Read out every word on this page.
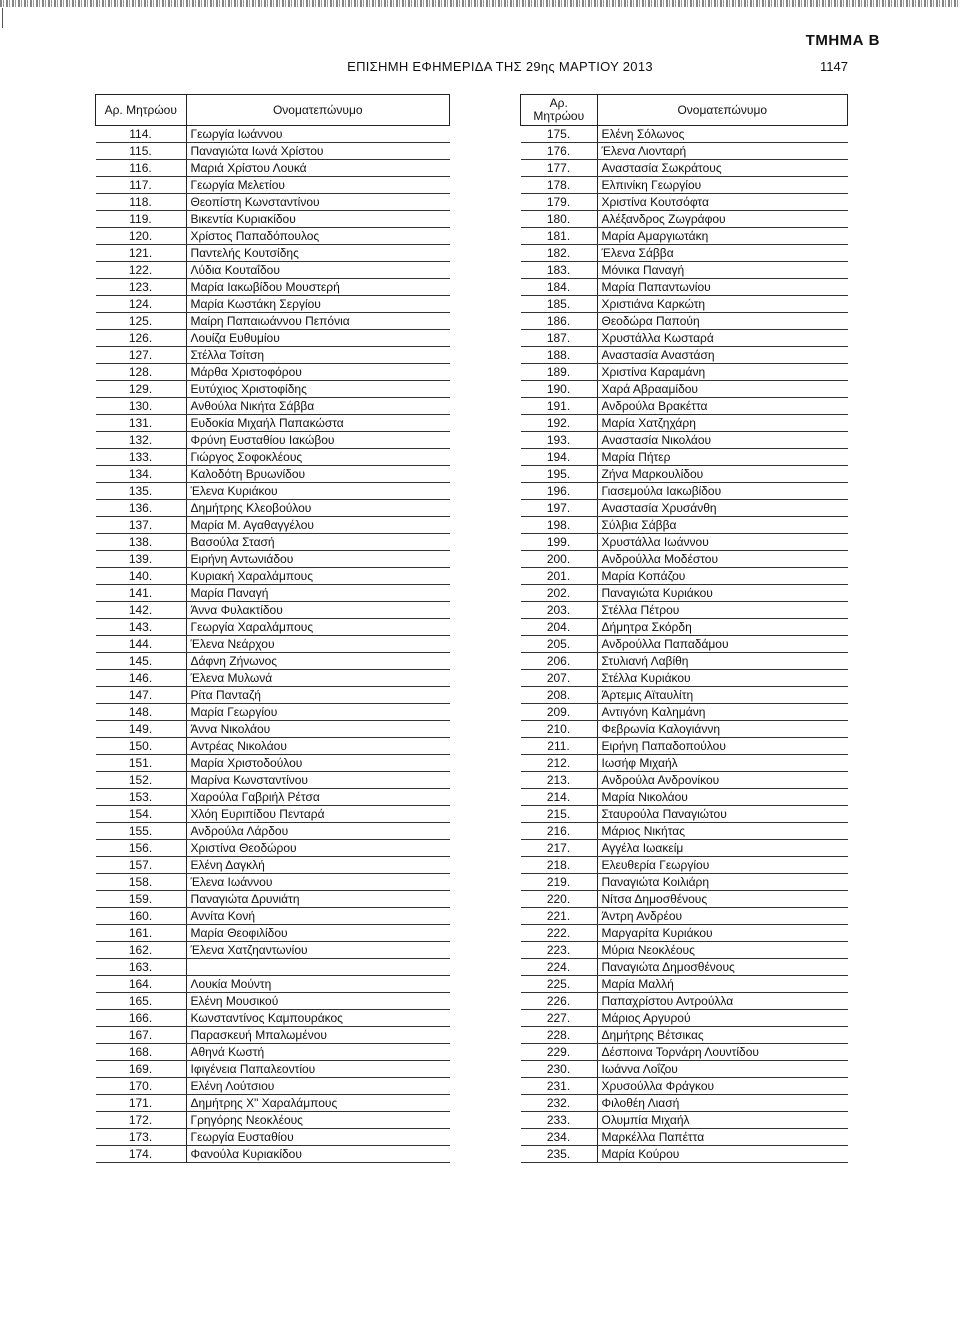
ΤΜΗΜΑ Β
ΕΠΙΣΗΜΗ ΕΦΗΜΕΡΙΔΑ ΤΗΣ 29ης ΜΑΡΤΙΟΥ 2013	1147
Αρ. Μητρώου	Ονοματεπώνυμο
114.	Γεωργία Ιωάννου
115.	Παναγιώτα Ιωνά Χρίστου
116.	Μαριά Χρίστου Λουκά
117.	Γεωργία Μελετίου
118.	Θεοπίστη Κωνσταντίνου
119.	Βικεντία Κυριακίδου
120.	Χρίστος Παπαδόπουλος
121.	Παντελής Κουτσίδης
122.	Λύδια Κουταΐδου
123.	Μαρία Ιακωβίδου Μουστερή
124.	Μαρία Κωστάκη Σεργίου
125.	Μαίρη Παπαιωάννου Πεπόνια
126.	Λουίζα Ευθυμίου
127.	Στέλλα Τσίτση
128.	Μάρθα Χριστοφόρου
129.	Ευτύχιος Χριστοφίδης
130.	Ανθούλα Νικήτα Σάββα
131.	Ευδοκία Μιχαήλ Παπακώστα
132.	Φρύνη Ευσταθίου Ιακώβου
133.	Γιώργος Σοφοκλέους
134.	Καλοδότη Βρυωνίδου
135.	Έλενα Κυριάκου
136.	Δημήτρης Κλεοβούλου
137.	Μαρία Μ. Αγαθαγγέλου
138.	Βασούλα Στασή
139.	Ειρήνη Αντωνιάδου
140.	Κυριακή Χαραλάμπους
141.	Μαρία Παναγή
142.	Άννα Φυλακτίδου
143.	Γεωργία Χαραλάμπους
144.	Έλενα Νεάρχου
145.	Δάφνη Ζήνωνος
146.	Έλενα Μυλωνά
147.	Ρίτα Πανταζή
148.	Μαρία Γεωργίου
149.	Άννα Νικολάου
150.	Αντρέας Νικολάου
151.	Μαρία Χριστοδούλου
152.	Μαρίνα Κωνσταντίνου
153.	Χαρούλα Γαβριήλ Ρέτσα
154.	Χλόη Ευριπίδου Πενταρά
155.	Ανδρούλα Λάρδου
156.	Χριστίνα Θεοδώρου
157.	Ελένη Δαγκλή
158.	Έλενα Ιωάννου
159.	Παναγιώτα Δρυνιάτη
160.	Αννίτα Κονή
161.	Μαρία Θεοφιλίδου
162.	Έλενα Χατζηαντωνίου
163.	
164.	Λουκία Μούντη
165.	Ελένη Μουσικού
166.	Κωνσταντίνος Καμπουράκος
167.	Παρασκευή Μπαλωμένου
168.	Αθηνά Κωστή
169.	Ιφιγένεια Παπαλεοντίου
170.	Ελένη Λούτσιου
171.	Δημήτρης Χ" Χαραλάμπους
172.	Γρηγόρης Νεοκλέους
173.	Γεωργία Ευσταθίου
174.	Φανούλα Κυριακίδου
Αρ. Μητρώου	Ονοματεπώνυμο
175.	Ελένη Σόλωνος
176.	Έλενα Λιονταρή
177.	Αναστασία Σωκράτους
178.	Ελπινίκη Γεωργίου
179.	Χριστίνα Κουτσόφτα
180.	Αλέξανδρος Ζωγράφου
181.	Μαρία Αμαργιωτάκη
182.	Έλενα Σάββα
183.	Μόνικα Παναγή
184.	Μαρία Παπαντωνίου
185.	Χριστιάνα Καρκώτη
186.	Θεοδώρα Παπούη
187.	Χρυστάλλα Κωσταρά
188.	Αναστασία Αναστάση
189.	Χριστίνα Καραμάνη
190.	Χαρά Αβρααμίδου
191.	Ανδρούλα Βρακέττα
192.	Μαρία Χατζηχάρη
193.	Αναστασία Νικολάου
194.	Μαρία Πήτερ
195.	Ζήνα Μαρκουλίδου
196.	Γιασεμούλα Ιακωβίδου
197.	Αναστασία Χρυσάνθη
198.	Σύλβια Σάββα
199.	Χρυστάλλα Ιωάννου
200.	Ανδρούλλα Μοδέστου
201.	Μαρία Κοπάζου
202.	Παναγιώτα Κυριάκου
203.	Στέλλα Πέτρου
204.	Δήμητρα Σκόρδη
205.	Ανδρούλλα Παπαδάμου
206.	Στυλιανή Λαβίθη
207.	Στέλλα Κυριάκου
208.	Άρτεμις Αϊταυλίτη
209.	Αντιγόνη Καλημάνη
210.	Φεβρωνία Καλογιάννη
211.	Ειρήνη Παπαδοπούλου
212.	Ιωσήφ Μιχαήλ
213.	Ανδρούλα Ανδρονίκου
214.	Μαρία Νικολάου
215.	Σταυρούλα Παναγιώτου
216.	Μάριος Νικήτας
217.	Αγγέλα Ιωακείμ
218.	Ελευθερία Γεωργίου
219.	Παναγιώτα Κοιλιάρη
220.	Νίτσα Δημοσθένους
221.	Άντρη Ανδρέου
222.	Μαργαρίτα Κυριάκου
223.	Μύρια Νεοκλέους
224.	Παναγιώτα Δημοσθένους
225.	Μαρία Μαλλή
226.	Παπαχρίστου Αντρούλλα
227.	Μάριος Αργυρού
228.	Δημήτρης Βέτσικας
229.	Δέσποινα Τορνάρη Λουντίδου
230.	Ιωάννα Λοΐζου
231.	Χρυσούλλα Φράγκου
232.	Φιλοθέη Λιασή
233.	Ολυμπία Μιχαήλ
234.	Μαρκέλλα Παπέττα
235.	Μαρία Κούρου
